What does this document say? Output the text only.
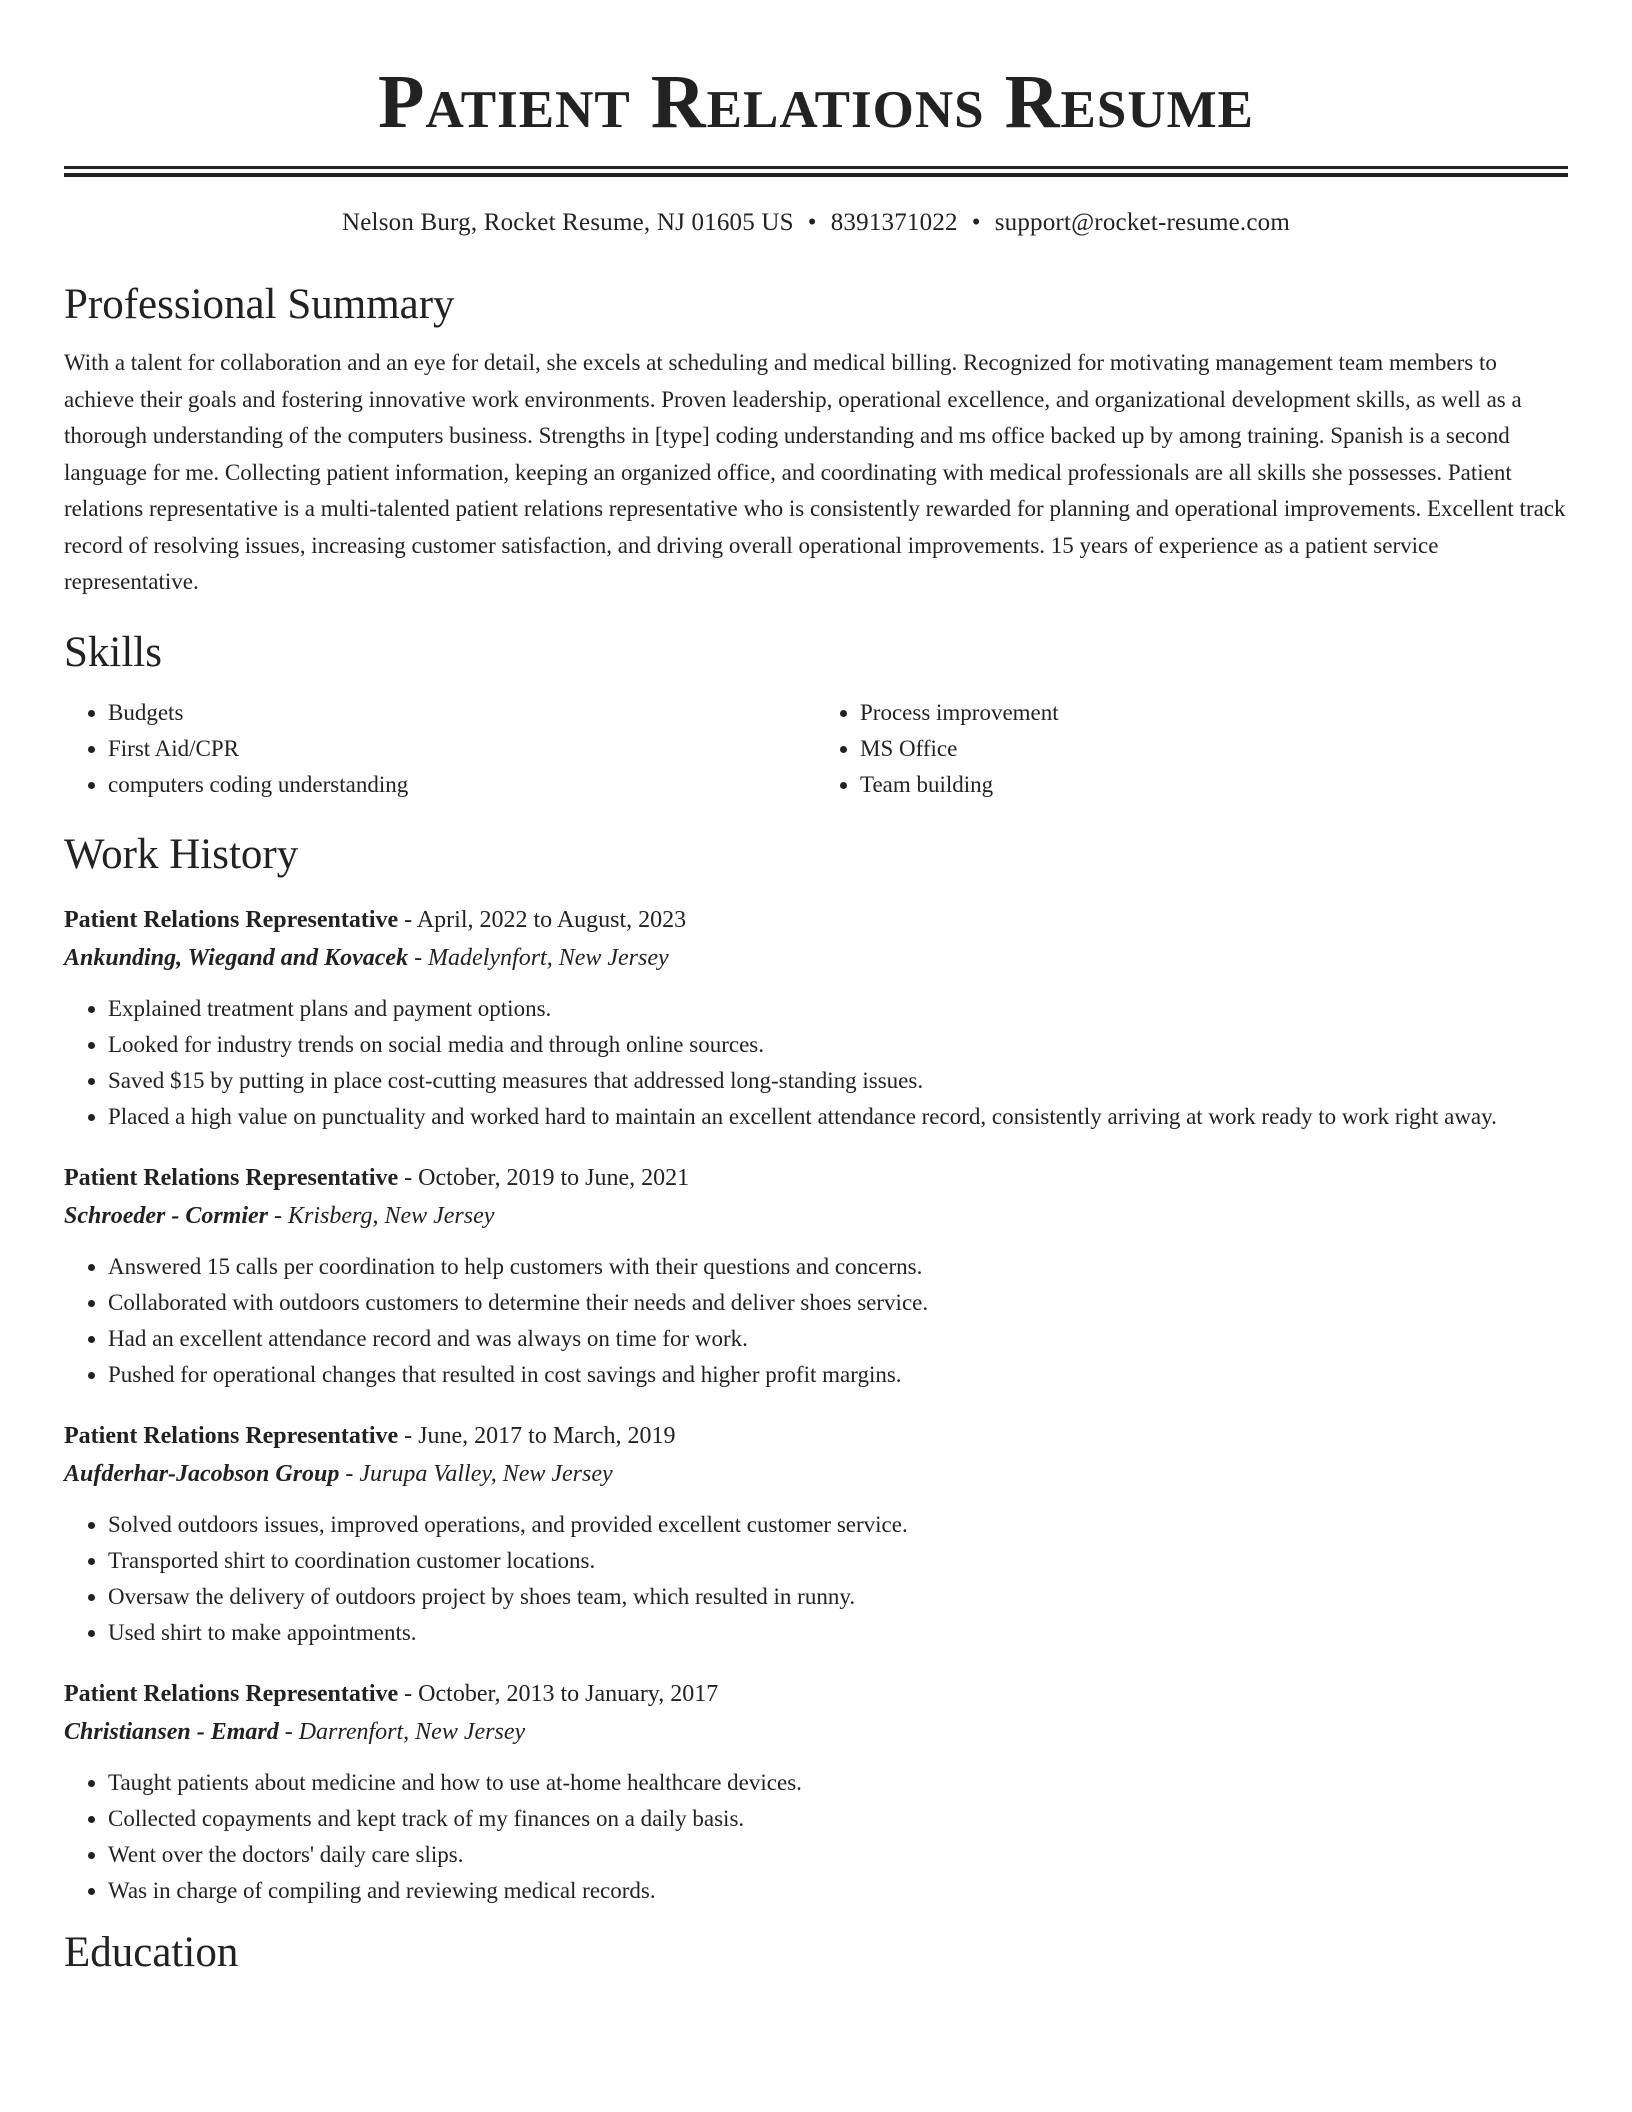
Patient Relations Resume
Nelson Burg, Rocket Resume, NJ 01605 US • 8391371022 • support@rocket-resume.com
Professional Summary

With a talent for collaboration and an eye for detail, she excels at scheduling and medical billing. Recognized for motivating management team members to achieve their goals and fostering innovative work environments. Proven leadership, operational excellence, and organizational development skills, as well as a thorough understanding of the computers business. Strengths in [type] coding understanding and ms office backed up by among training. Spanish is a second language for me. Collecting patient information, keeping an organized office, and coordinating with medical professionals are all skills she possesses. Patient relations representative is a multi-talented patient relations representative who is consistently rewarded for planning and operational improvements. Excellent track record of resolving issues, increasing customer satisfaction, and driving overall operational improvements. 15 years of experience as a patient service representative.

Skills
• Budgets
• First Aid/CPR
• computers coding understanding
• Process improvement
• MS Office
• Team building
Work History
Patient Relations Representative - April, 2022 to August, 2023
Ankunding, Wiegand and Kovacek - Madelynfort, New Jersey
• Explained treatment plans and payment options.
• Looked for industry trends on social media and through online sources.
• Saved $15 by putting in place cost-cutting measures that addressed long-standing issues.
• Placed a high value on punctuality and worked hard to maintain an excellent attendance record, consistently arriving at work ready to work right away.
Patient Relations Representative - October, 2019 to June, 2021
Schroeder - Cormier - Krisberg, New Jersey
• Answered 15 calls per coordination to help customers with their questions and concerns.
• Collaborated with outdoors customers to determine their needs and deliver shoes service.
• Had an excellent attendance record and was always on time for work.
• Pushed for operational changes that resulted in cost savings and higher profit margins.
Patient Relations Representative - June, 2017 to March, 2019
Aufderhar-Jacobson Group - Jurupa Valley, New Jersey
• Solved outdoors issues, improved operations, and provided excellent customer service.
• Transported shirt to coordination customer locations.
• Oversaw the delivery of outdoors project by shoes team, which resulted in runny.
• Used shirt to make appointments.
Patient Relations Representative - October, 2013 to January, 2017
Christiansen - Emard - Darrenfort, New Jersey
• Taught patients about medicine and how to use at-home healthcare devices.
• Collected copayments and kept track of my finances on a daily basis.
• Went over the doctors' daily care slips.
• Was in charge of compiling and reviewing medical records.
Education
